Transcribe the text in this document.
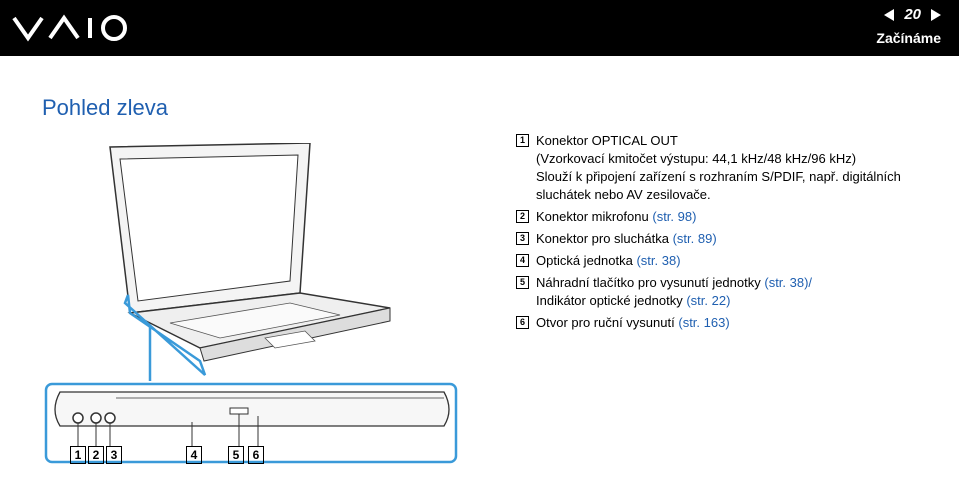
20
Začínáme
Pohled zleva
1 Konektor OPTICAL OUT
(Vzorkovací kmitočet výstupu: 44,1 kHz/48 kHz/96 kHz)
Slouží k připojení zařízení s rozhraním S/PDIF, např. digitálních
sluchátek nebo AV zesilovače.
2 Konektor mikrofonu (str. 98)
3 Konektor pro sluchátka (str. 89)
4 Optická jednotka (str. 38)
5 Náhradní tlačítko pro vysunutí jednotky (str. 38)/
Indikátor optické jednotky (str. 22)
6 Otvor pro ruční vysunutí (str. 163)
1 2 3	4	5	6
